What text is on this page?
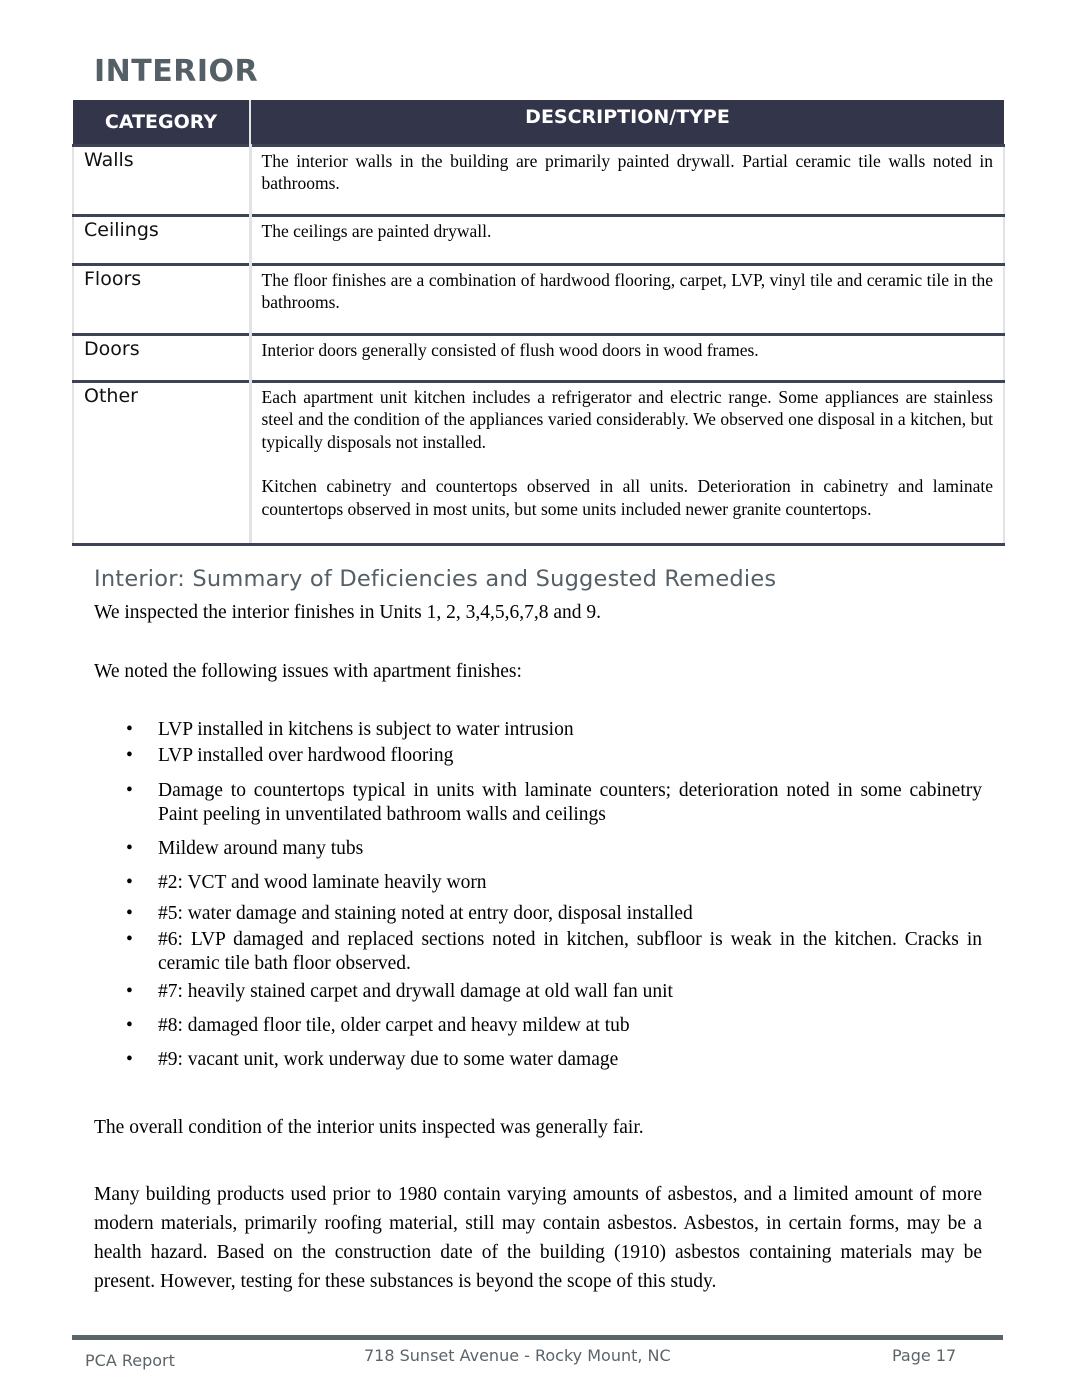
INTERIOR
CATEGORY	DESCRIPTION/TYPE
Walls	The interior walls in the building are primarily painted drywall. Partial ceramic tile walls noted in bathrooms.

Ceilings	The ceilings are painted drywall.

Floors	The floor finishes are a combination of hardwood flooring, carpet, LVP, vinyl tile and ceramic tile in the bathrooms.

Doors	Interior doors generally consisted of flush wood doors in wood frames.

Other	Each apartment unit kitchen includes a refrigerator and electric range. Some appliances are stainless steel and the condition of the appliances varied considerably. We observed one disposal in a kitchen, but typically disposals not installed.

Kitchen cabinetry and countertops observed in all units. Deterioration in cabinetry and laminate countertops observed in most units, but some units included newer granite countertops.

Interior: Summary of Deficiencies and Suggested Remedies

We inspected the interior finishes in Units 1, 2, 3,4,5,6,7,8 and 9.

We noted the following issues with apartment finishes:

• LVP installed in kitchens is subject to water intrusion
• LVP installed over hardwood flooring
• Damage to countertops typical in units with laminate counters; deterioration noted in some cabinetry Paint peeling in unventilated bathroom walls and ceilings
• Mildew around many tubs
• #2: VCT and wood laminate heavily worn
• #5: water damage and staining noted at entry door, disposal installed
• #6: LVP damaged and replaced sections noted in kitchen, subfloor is weak in the kitchen. Cracks in ceramic tile bath floor observed.
• #7: heavily stained carpet and drywall damage at old wall fan unit
• #8: damaged floor tile, older carpet and heavy mildew at tub
• #9: vacant unit, work underway due to some water damage

The overall condition of the interior units inspected was generally fair.

Many building products used prior to 1980 contain varying amounts of asbestos, and a limited amount of more modern materials, primarily roofing material, still may contain asbestos. Asbestos, in certain forms, may be a health hazard. Based on the construction date of the building (1910) asbestos containing materials may be present. However, testing for these substances is beyond the scope of this study.

PCA Report	718 Sunset Avenue - Rocky Mount, NC	Page 17
